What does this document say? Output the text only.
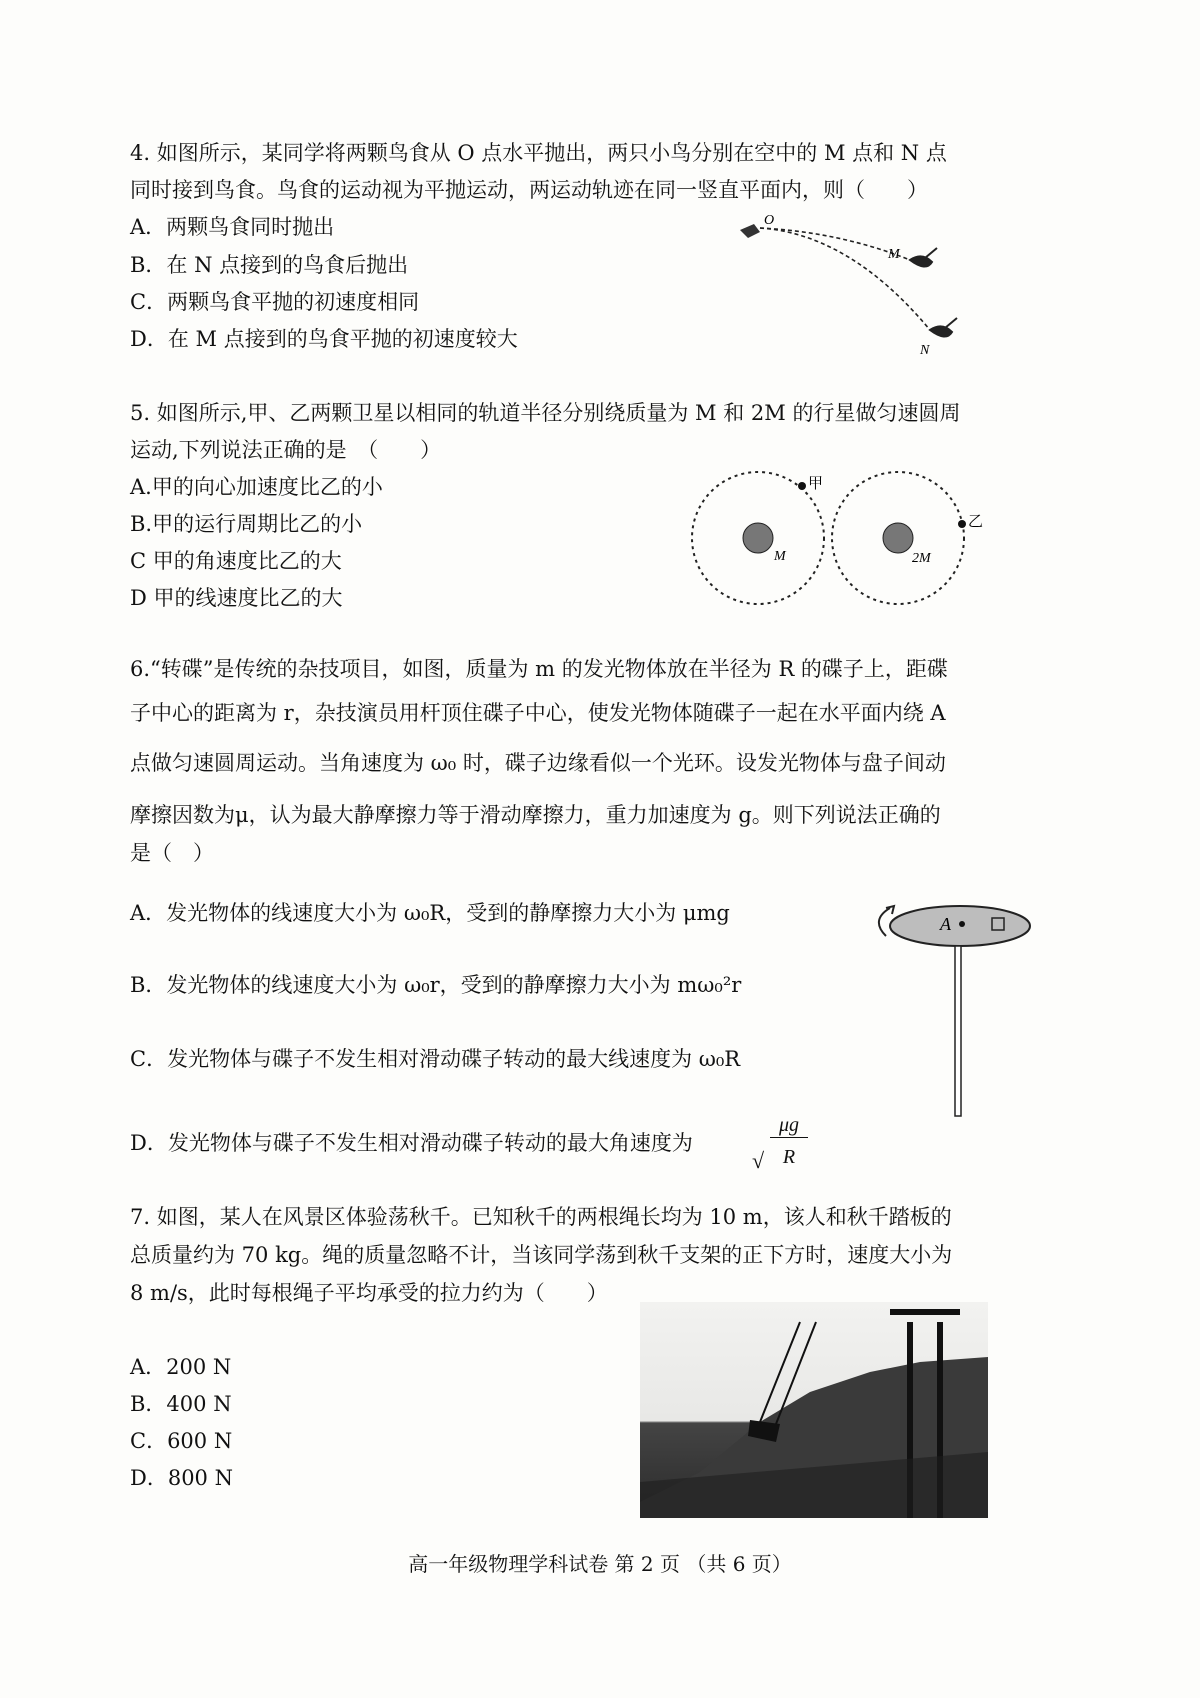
4. 如图所示，某同学将两颗鸟食从 O 点水平抛出，两只小鸟分别在空中的 M 点和 N 点
同时接到鸟食。鸟食的运动视为平抛运动，两运动轨迹在同一竖直平面内，则（　　）
A．两颗鸟食同时抛出
B．在 N 点接到的鸟食后抛出
C．两颗鸟食平抛的初速度相同
D．在 M 点接到的鸟食平抛的初速度较大
O
M
N
5. 如图所示,甲、乙两颗卫星以相同的轨道半径分别绕质量为 M 和 2M 的行星做匀速圆周
运动,下列说法正确的是　（　　）
A.甲的向心加速度比乙的小
B.甲的运行周期比乙的小
C 甲的角速度比乙的大
D 甲的线速度比乙的大
M	2M
甲
乙
6.“转碟”是传统的杂技项目，如图，质量为 m 的发光物体放在半径为 R 的碟子上，距碟
子中心的距离为 r，杂技演员用杆顶住碟子中心，使发光物体随碟子一起在水平面内绕 A
点做匀速圆周运动。当角速度为 ω₀ 时，碟子边缘看似一个光环。设发光物体与盘子间动
摩擦因数为μ，认为最大静摩擦力等于滑动摩擦力，重力加速度为 g。则下列说法正确的
是（　）
A．发光物体的线速度大小为 ω₀R，受到的静摩擦力大小为 μmg
B．发光物体的线速度大小为 ω₀r，受到的静摩擦力大小为 mω₀²r
C．发光物体与碟子不发生相对滑动碟子转动的最大线速度为 ω₀R
D．发光物体与碟子不发生相对滑动碟子转动的最大角速度为
√
μg
R
A
7. 如图，某人在风景区体验荡秋千。已知秋千的两根绳长均为 10 m，该人和秋千踏板的
总质量约为 70 kg。绳的质量忽略不计，当该同学荡到秋千支架的正下方时，速度大小为
8 m/s，此时每根绳子平均承受的拉力约为（　　）
A．200 N
B．400 N
C．600 N
D．800 N
高一年级物理学科试卷 第 2 页 （共 6 页）
